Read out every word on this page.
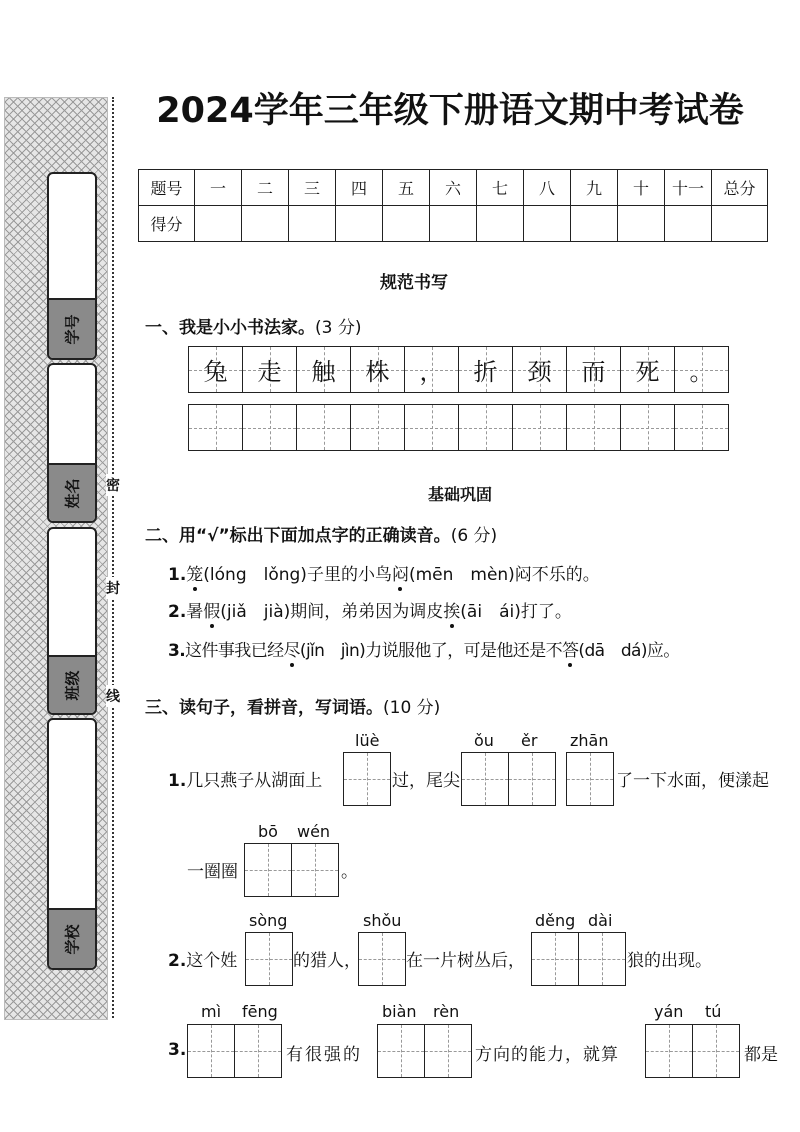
学号
姓名
班级
学校
密
封
线
2024学年三年级下册语文期中考试卷
题号	一	二	三	四	五	六	七	八	九	十	十一	总分
得分												
规范书写
一、我是小小书法家。(3 分)
兔 走 触 株 ， 折 颈 而 死 。
基础巩固
二、用“√”标出下面加点字的正确读音。(6 分)
1.笼(lóng　lǒng)子里的小鸟闷(mēn　mèn)闷不乐的。
2.暑假(jiǎ　jià)期间，弟弟因为调皮挨(āi　ái)打了。
3.这件事我已经尽(jǐn　jìn)力说服他了，可是他还是不答(dā　dá)应。
三、读句子，看拼音，写词语。(10 分)
lüè	ǒu ěr zhān
1.几只燕子从湖面上	过，尾尖	了一下水面，便漾起
bō wén
一圈圈	。
sòng	shǒu	děng dài
2.这个姓	的猎人，	在一片树丛后，	狼的出现。
mì fēng	biàn rèn	yán tú
3.	有很强的	方向的能力，就算	都是
